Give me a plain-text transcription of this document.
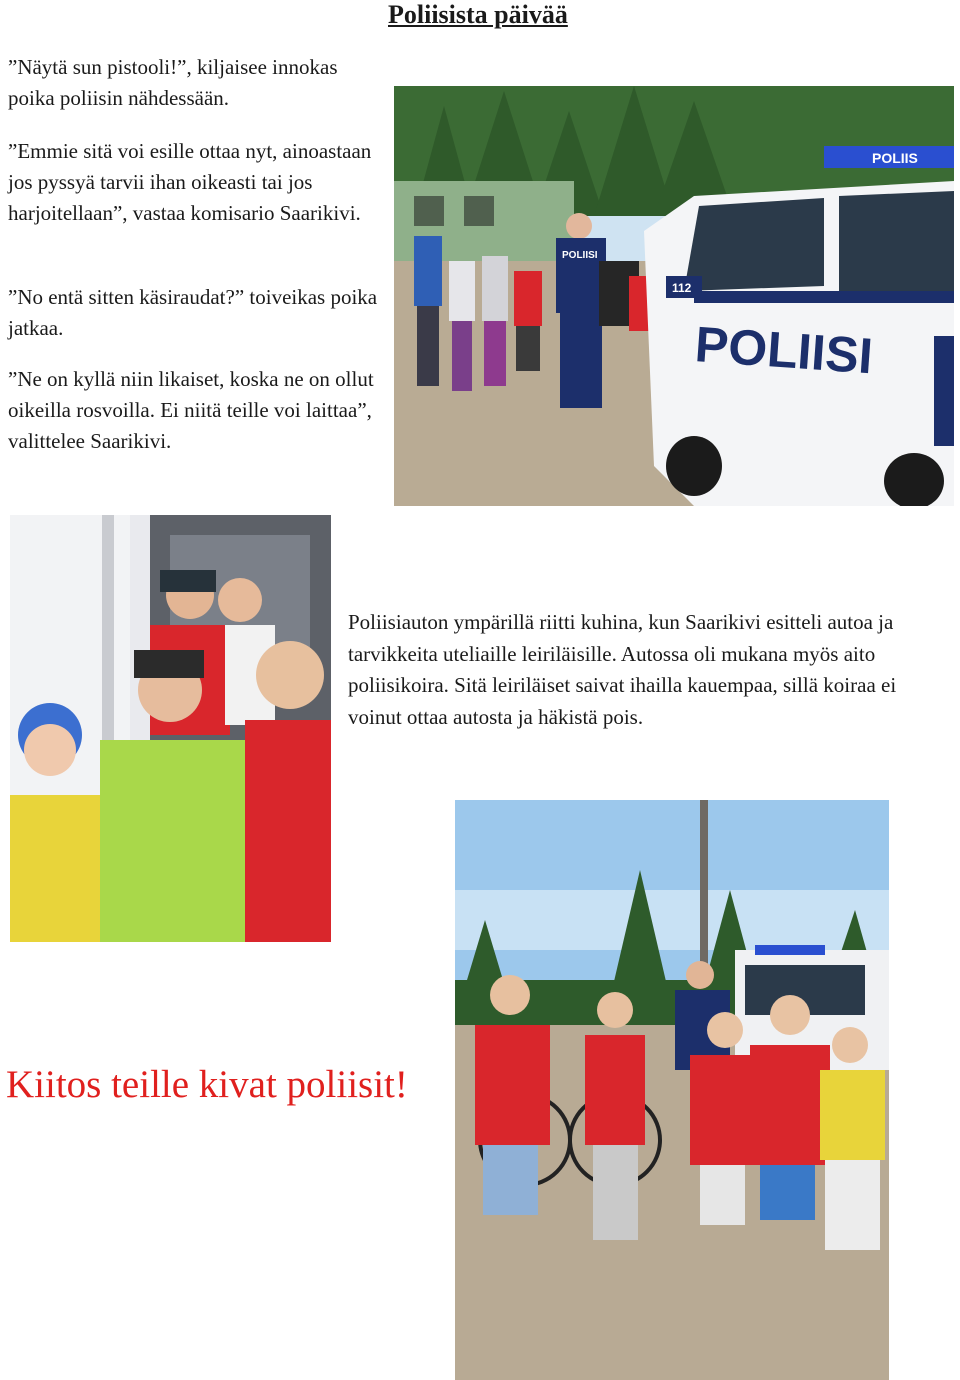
Poliisista päivää

”Näytä sun pistooli!”, kiljaisee innokas poika poliisin nähdessään.

”Emmie sitä voi esille ottaa nyt, ainoastaan jos pyssyä tarvii ihan oikeasti tai jos harjoitellaan”, vastaa komisario Saarikivi.

”No entä sitten käsiraudat?” toiveikas poika jatkaa.

”Ne on kyllä niin likaiset, koska ne on ollut oikeilla rosvoilla. Ei niitä teille voi laittaa”, valittelee Saarikivi.

POLIISI
POLIIS
POLIISI
112

Poliisiauton ympärillä riitti kuhina, kun Saarikivi esitteli autoa ja tarvikkeita uteliaille leiriläisille. Autossa oli mukana myös aito poliisikoira. Sitä leiriläiset saivat ihailla kauempaa, sillä koiraa ei voinut ottaa autosta ja häkistä pois.

Kiitos teille kivat poliisit!
